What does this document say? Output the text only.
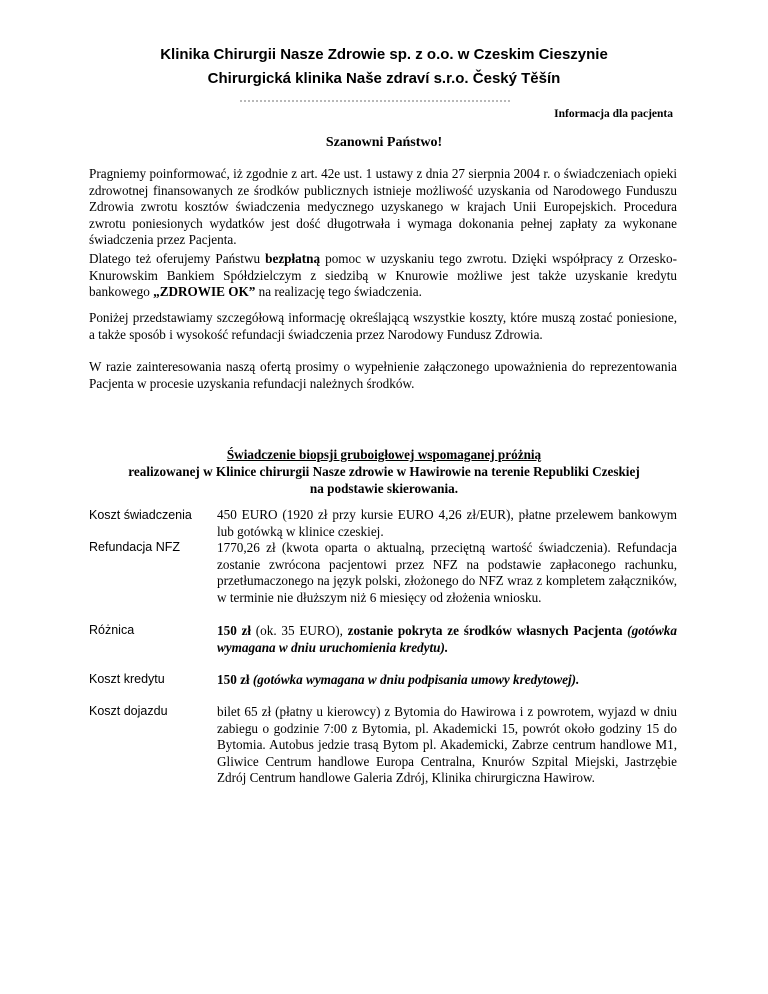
Klinika Chirurgii Nasze Zdrowie sp. z o.o. w Czeskim Cieszynie
Chirurgická klinika Naše zdraví s.r.o. Český Těšín
Informacja dla pacjenta
Szanowni Państwo!

Pragniemy poinformować, iż zgodnie z art. 42e ust. 1 ustawy z dnia 27 sierpnia 2004 r. o świadczeniach opieki zdrowotnej finansowanych ze środków publicznych istnieje możliwość uzyskania od Narodowego Funduszu Zdrowia zwrotu kosztów świadczenia medycznego uzyskanego w krajach Unii Europejskich. Procedura zwrotu poniesionych wydatków jest dość długotrwała i wymaga dokonania pełnej zapłaty za wykonane świadczenia przez Pacjenta.

Dlatego też oferujemy Państwu bezpłatną pomoc w uzyskaniu tego zwrotu. Dzięki współpracy z Orzesko-Knurowskim Bankiem Spółdzielczym z siedzibą w Knurowie możliwe jest także uzyskanie kredytu bankowego „ZDROWIE OK” na realizację tego świadczenia.

Poniżej przedstawiamy szczegółową informację określającą wszystkie koszty, które muszą zostać poniesione, a także sposób i wysokość refundacji świadczenia przez Narodowy Fundusz Zdrowia.

W razie zainteresowania naszą ofertą prosimy o wypełnienie załączonego upoważnienia do reprezentowania Pacjenta w procesie uzyskania refundacji należnych środków.

Świadczenie biopsji gruboigłowej wspomaganej próżnią
realizowanej w Klinice chirurgii Nasze zdrowie w Hawirowie na terenie Republiki Czeskiej
na podstawie skierowania.
Koszt świadczenia 450 EURO (1920 zł przy kursie EURO 4,26 zł/EUR), płatne przelewem bankowym lub gotówką w klinice czeskiej.

Refundacja NFZ	1770,26 zł (kwota oparta o aktualną, przeciętną wartość świadczenia). Refundacja zostanie zwrócona pacjentowi przez NFZ na podstawie zapłaconego rachunku, przetłumaczonego na język polski, złożonego do NFZ wraz z kompletem załączników, w terminie nie dłuższym niż 6 miesięcy od złożenia wniosku.

Różnica	150 zł (ok. 35 EURO), zostanie pokryta ze środków własnych Pacjenta (gotówka wymagana w dniu uruchomienia kredytu).

Koszt kredytu	150 zł (gotówka wymagana w dniu podpisania umowy kredytowej).

Koszt dojazdu	bilet 65 zł (płatny u kierowcy) z Bytomia do Hawirowa i z powrotem, wyjazd w dniu zabiegu o godzinie 7:00 z Bytomia, pl. Akademicki 15, powrót około godziny 15 do Bytomia. Autobus jedzie trasą Bytom pl. Akademicki, Zabrze centrum handlowe M1, Gliwice Centrum handlowe Europa Centralna, Knurów Szpital Miejski, Jastrzębie Zdrój Centrum handlowe Galeria Zdrój, Klinika chirurgiczna Hawirow.
